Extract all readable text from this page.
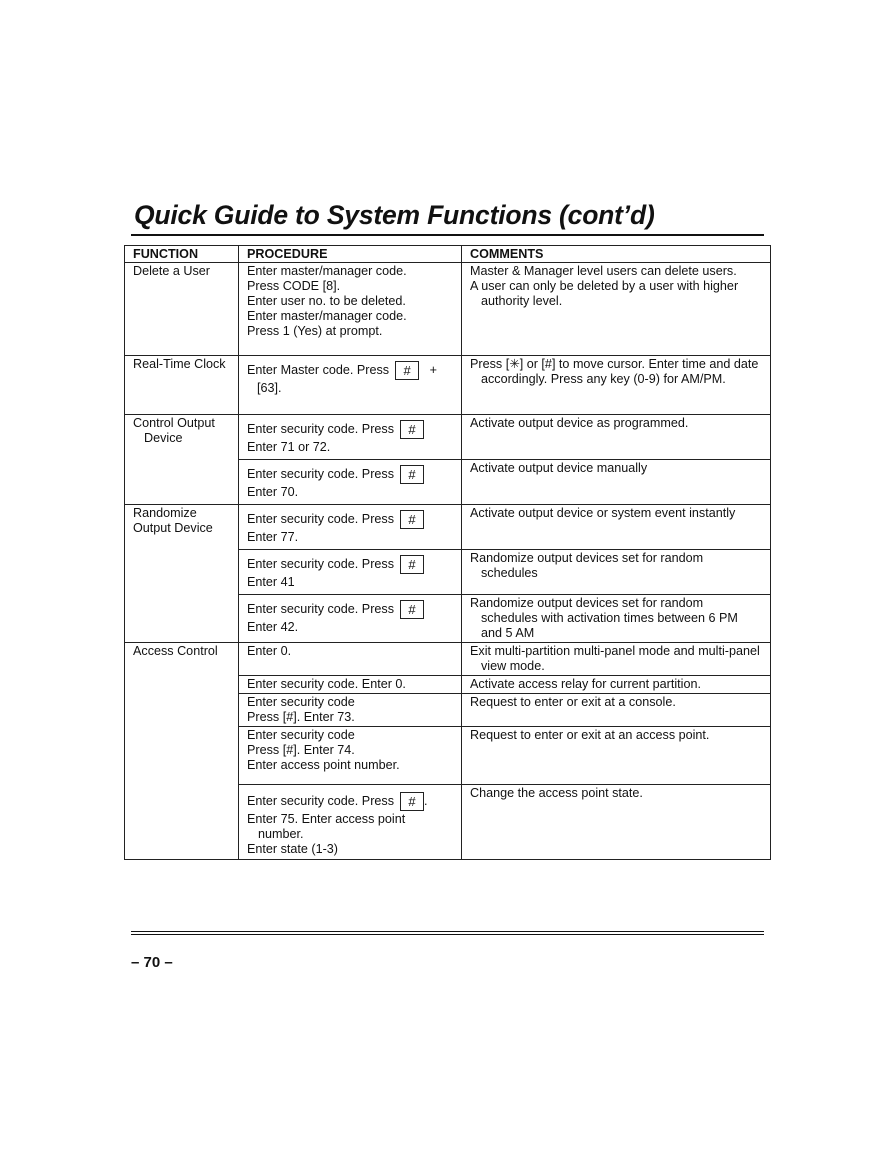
Quick Guide to System Functions (cont’d)
FUNCTION	PROCEDURE	COMMENTS
Delete a User	Enter master/manager code.
Press CODE [8].
Enter user no. to be deleted.
Enter master/manager code.
Press 1 (Yes) at prompt.	Master & Manager level users can delete users.
A user can only be deleted by a user with higher authority level.

Real-Time Clock	Enter Master code. Press # +
[63].	Press [✳] or [#] to move cursor. Enter time and date accordingly. Press any key (0-9) for AM/PM.

Control Output Device	Enter security code. Press #
Enter 71 or 72.	Activate output device as programmed.

	Enter security code. Press #
Enter 70.	Activate output device manually

Randomize
Output Device	Enter security code. Press #
Enter 77.	Activate output device or system event instantly

	Enter security code. Press #
Enter 41	Randomize output devices set for random schedules

	Enter security code. Press #
Enter 42.	Randomize output devices set for random schedules with activation times between 6 PM and 5 AM

Access Control	Enter 0.	Exit multi-partition multi-panel mode and multi-panel view mode.

	Enter security code. Enter 0.	Activate access relay for current partition.

	Enter security code
Press [#]. Enter 73.	Request to enter or exit at a console.

	Enter security code
Press [#]. Enter 74.
Enter access point number.	Request to enter or exit at an access point.

	Enter security code. Press # .
Enter 75. Enter access point number.
Enter state (1-3)	Change the access point state.
– 70 –
